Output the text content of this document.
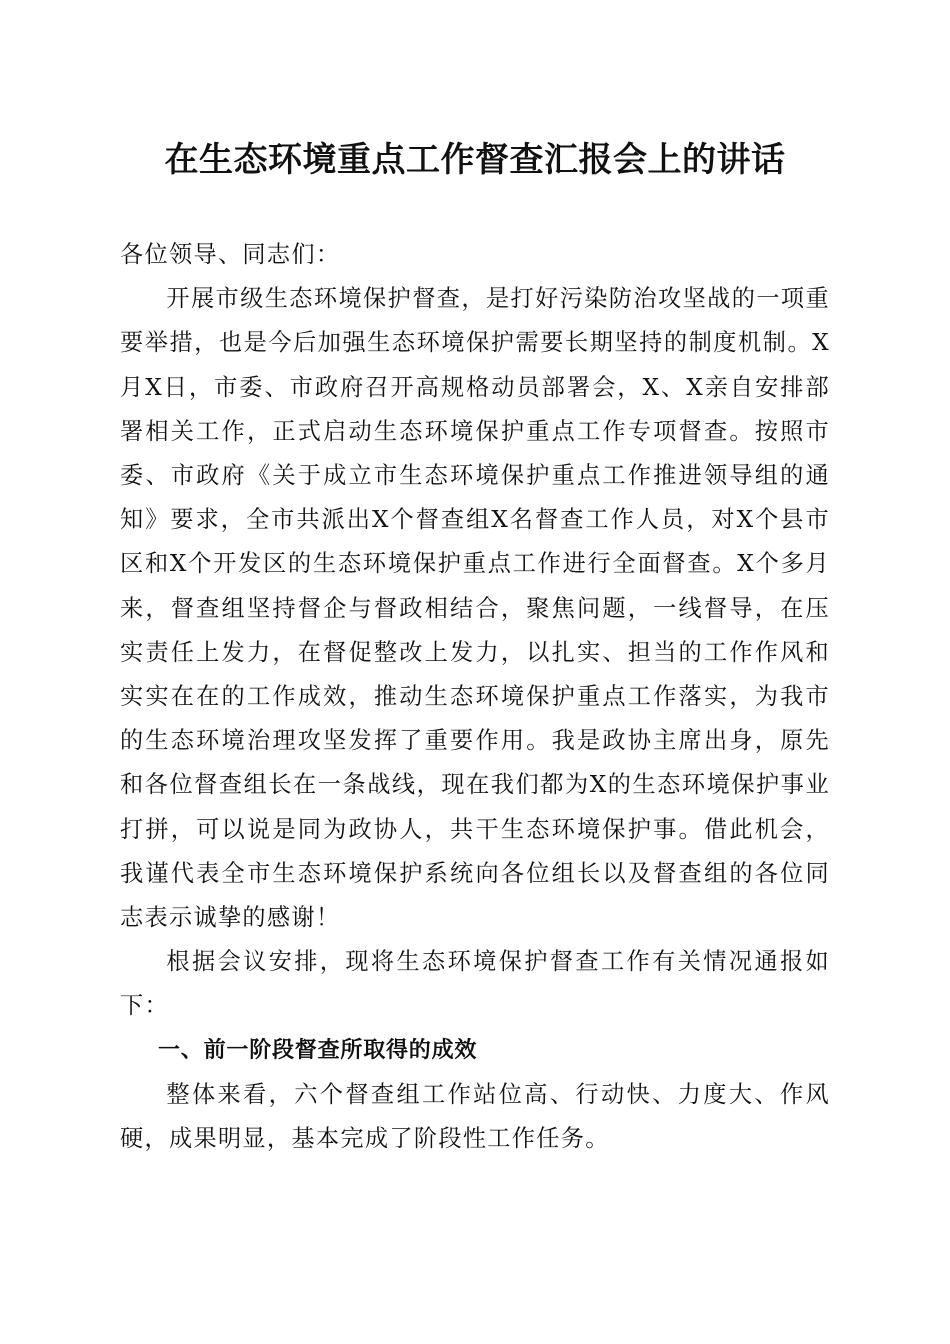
在生态环境重点工作督查汇报会上的讲话

各位领导、同志们：

开展市级生态环境保护督查，是打好污染防治攻坚战的一项重要举措，也是今后加强生态环境保护需要长期坚持的制度机制。X月X日，市委、市政府召开高规格动员部署会，X、X亲自安排部署相关工作，正式启动生态环境保护重点工作专项督查。按照市委、市政府《关于成立市生态环境保护重点工作推进领导组的通知》要求，全市共派出X个督查组X名督查工作人员，对X个县市区和X个开发区的生态环境保护重点工作进行全面督查。X个多月来，督查组坚持督企与督政相结合，聚焦问题，一线督导，在压实责任上发力，在督促整改上发力，以扎实、担当的工作作风和实实在在的工作成效，推动生态环境保护重点工作落实，为我市的生态环境治理攻坚发挥了重要作用。我是政协主席出身，原先和各位督查组长在一条战线，现在我们都为X的生态环境保护事业打拼，可以说是同为政协人，共干生态环境保护事。借此机会，我谨代表全市生态环境保护系统向各位组长以及督查组的各位同志表示诚挚的感谢！

根据会议安排，现将生态环境保护督查工作有关情况通报如下：

一、前一阶段督查所取得的成效

整体来看，六个督查组工作站位高、行动快、力度大、作风硬，成果明显，基本完成了阶段性工作任务。
